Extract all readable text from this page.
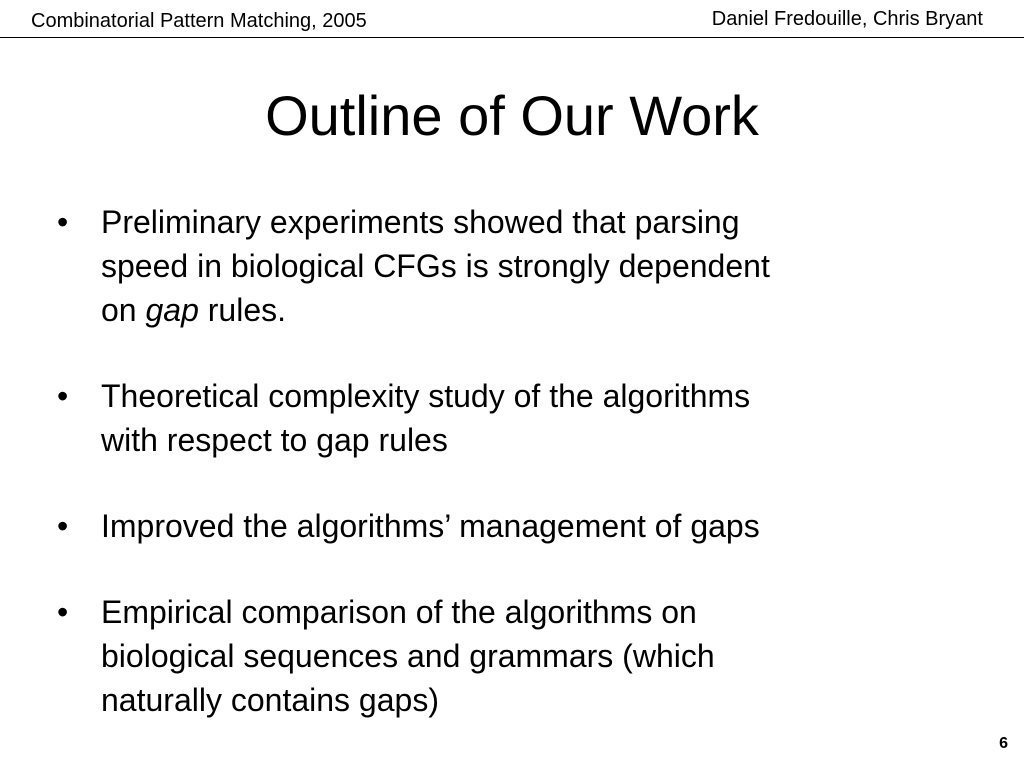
Combinatorial Pattern Matching, 2005	Daniel Fredouille, Chris Bryant
Outline of Our Work
• Preliminary experiments showed that parsing
speed in biological CFGs is strongly dependent
on gap rules.
• Theoretical complexity study of the algorithms
with respect to gap rules
• Improved the algorithms’ management of gaps
• Empirical comparison of the algorithms on
biological sequences and grammars (which
naturally contains gaps)
6
